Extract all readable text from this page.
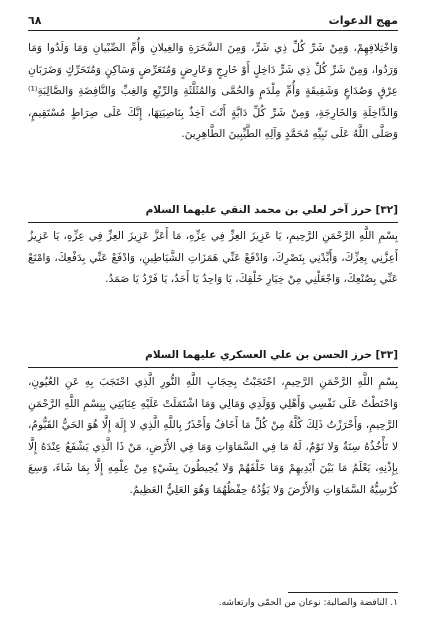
مهج الدعوات
٦٨
وَاخْتِلافِهِمْ، وَمِنْ شَرِّ كُلِّ ذِي شَرٍّ، وَمِنَ السَّحَرَةِ وَالغِيلانِ وَأُمِّ الصِّبْيانِ وَمَا وَلَدُوا وَمَا وَرَدُوا، وَمِنْ شَرِّ كُلِّ ذِي شَرٍّ دَاخِلٍ أَوْ خَارِجٍ وَعَارِضٍ وَمُتَعَرِّضٍ وَسَاكِنٍ وَمُتَحَرِّكٍ وَضَرَبَانِ عِرْقٍ وَصُدَاعٍ وَشَقِيقَةٍ وَأُمِّ مِلْدَمٍ وَالحُمَّى وَالمُثَلَّثَةِ وَالرِّبْعِ وَالغِبِّ وَالنَّافِضَةِ وَالصَّالِبَةِ⁽¹⁾ وَالدَّاخِلَةِ وَالخَارِجَةِ، وَمِنْ شَرِّ كُلِّ دَابَّةٍ أَنْتَ آخِذٌ بِنَاصِيَتِهَا، إِنَّكَ عَلَى صِرَاطٍ مُسْتَقِيمٍ، وَصَلَّى اللَّهُ عَلَى نَبِيِّهِ مُحَمَّدٍ وَآلِهِ الطَّيِّبِينَ الطَّاهِرِينَ.
[٣٢] حرز آخر لعلي بن محمد النقي عليهما السلام
بِسْمِ اللَّهِ الرَّحْمَنِ الرَّحِيمِ، يَا عَزِيزَ العِزِّ فِي عِزِّهِ، مَا أَعَزَّ عَزِيزَ العِزِّ فِي عِزِّهِ، يَا عَزِيزُ أَعِزَّنِي بِعِزِّكَ، وَأَيِّدْنِي بِنَصْرِكَ، وَادْفَعْ عَنِّي هَمَزَاتِ الشَّيَاطِينِ، وَادْفَعْ عَنِّي بِدَفْعِكَ، وَامْنَعْ عَنِّي بِصُنْعِكَ، وَاجْعَلْنِي مِنْ خِيَارِ خَلْقِكَ، يَا وَاحِدُ يَا أَحَدُ، يَا فَرْدُ يَا صَمَدُ.
[٣٣] حرز الحسن بن علي العسكري عليهما السلام
بِسْمِ اللَّهِ الرَّحْمَنِ الرَّحِيمِ، احْتَجَبْتُ بِحِجَابِ اللَّهِ النُّورِ الَّذِي احْتَجَبَ بِهِ عَنِ العُيُونِ، وَاحْتَطْتُ عَلَى نَفْسِي وَأَهْلِي وَوَلَدِي وَمَالِي وَمَا اشْتَمَلَتْ عَلَيْهِ عِنَايَتِي بِبِسْمِ اللَّهِ الرَّحْمَنِ الرَّحِيمِ، وَأَحْرَزْتُ ذَلِكَ كُلَّهُ مِنْ كُلِّ مَا أَخَافُ وَأَحْذَرُ بِاللَّهِ الَّذِي لا إِلَهَ إِلَّا هُوَ الحَيُّ القَيُّومُ، لا تَأْخُذُهُ سِنَةٌ وَلا نَوْمٌ، لَهُ مَا فِي السَّمَاوَاتِ وَمَا فِي الأَرْضِ، مَنْ ذَا الَّذِي يَشْفَعُ عِنْدَهُ إِلَّا بِإِذْنِهِ، يَعْلَمُ مَا بَيْنَ أَيْدِيهِمْ وَمَا خَلْفَهُمْ وَلا يُحِيطُونَ بِشَيْءٍ مِنْ عِلْمِهِ إِلَّا بِمَا شَاءَ، وَسِعَ كُرْسِيُّهُ السَّمَاوَاتِ وَالأَرْضَ وَلا يَؤُدُهُ حِفْظُهُمَا وَهُوَ العَلِيُّ العَظِيمُ.
١. النافضة والصالبة: نوعان من الحمّى وارتعاشه.
